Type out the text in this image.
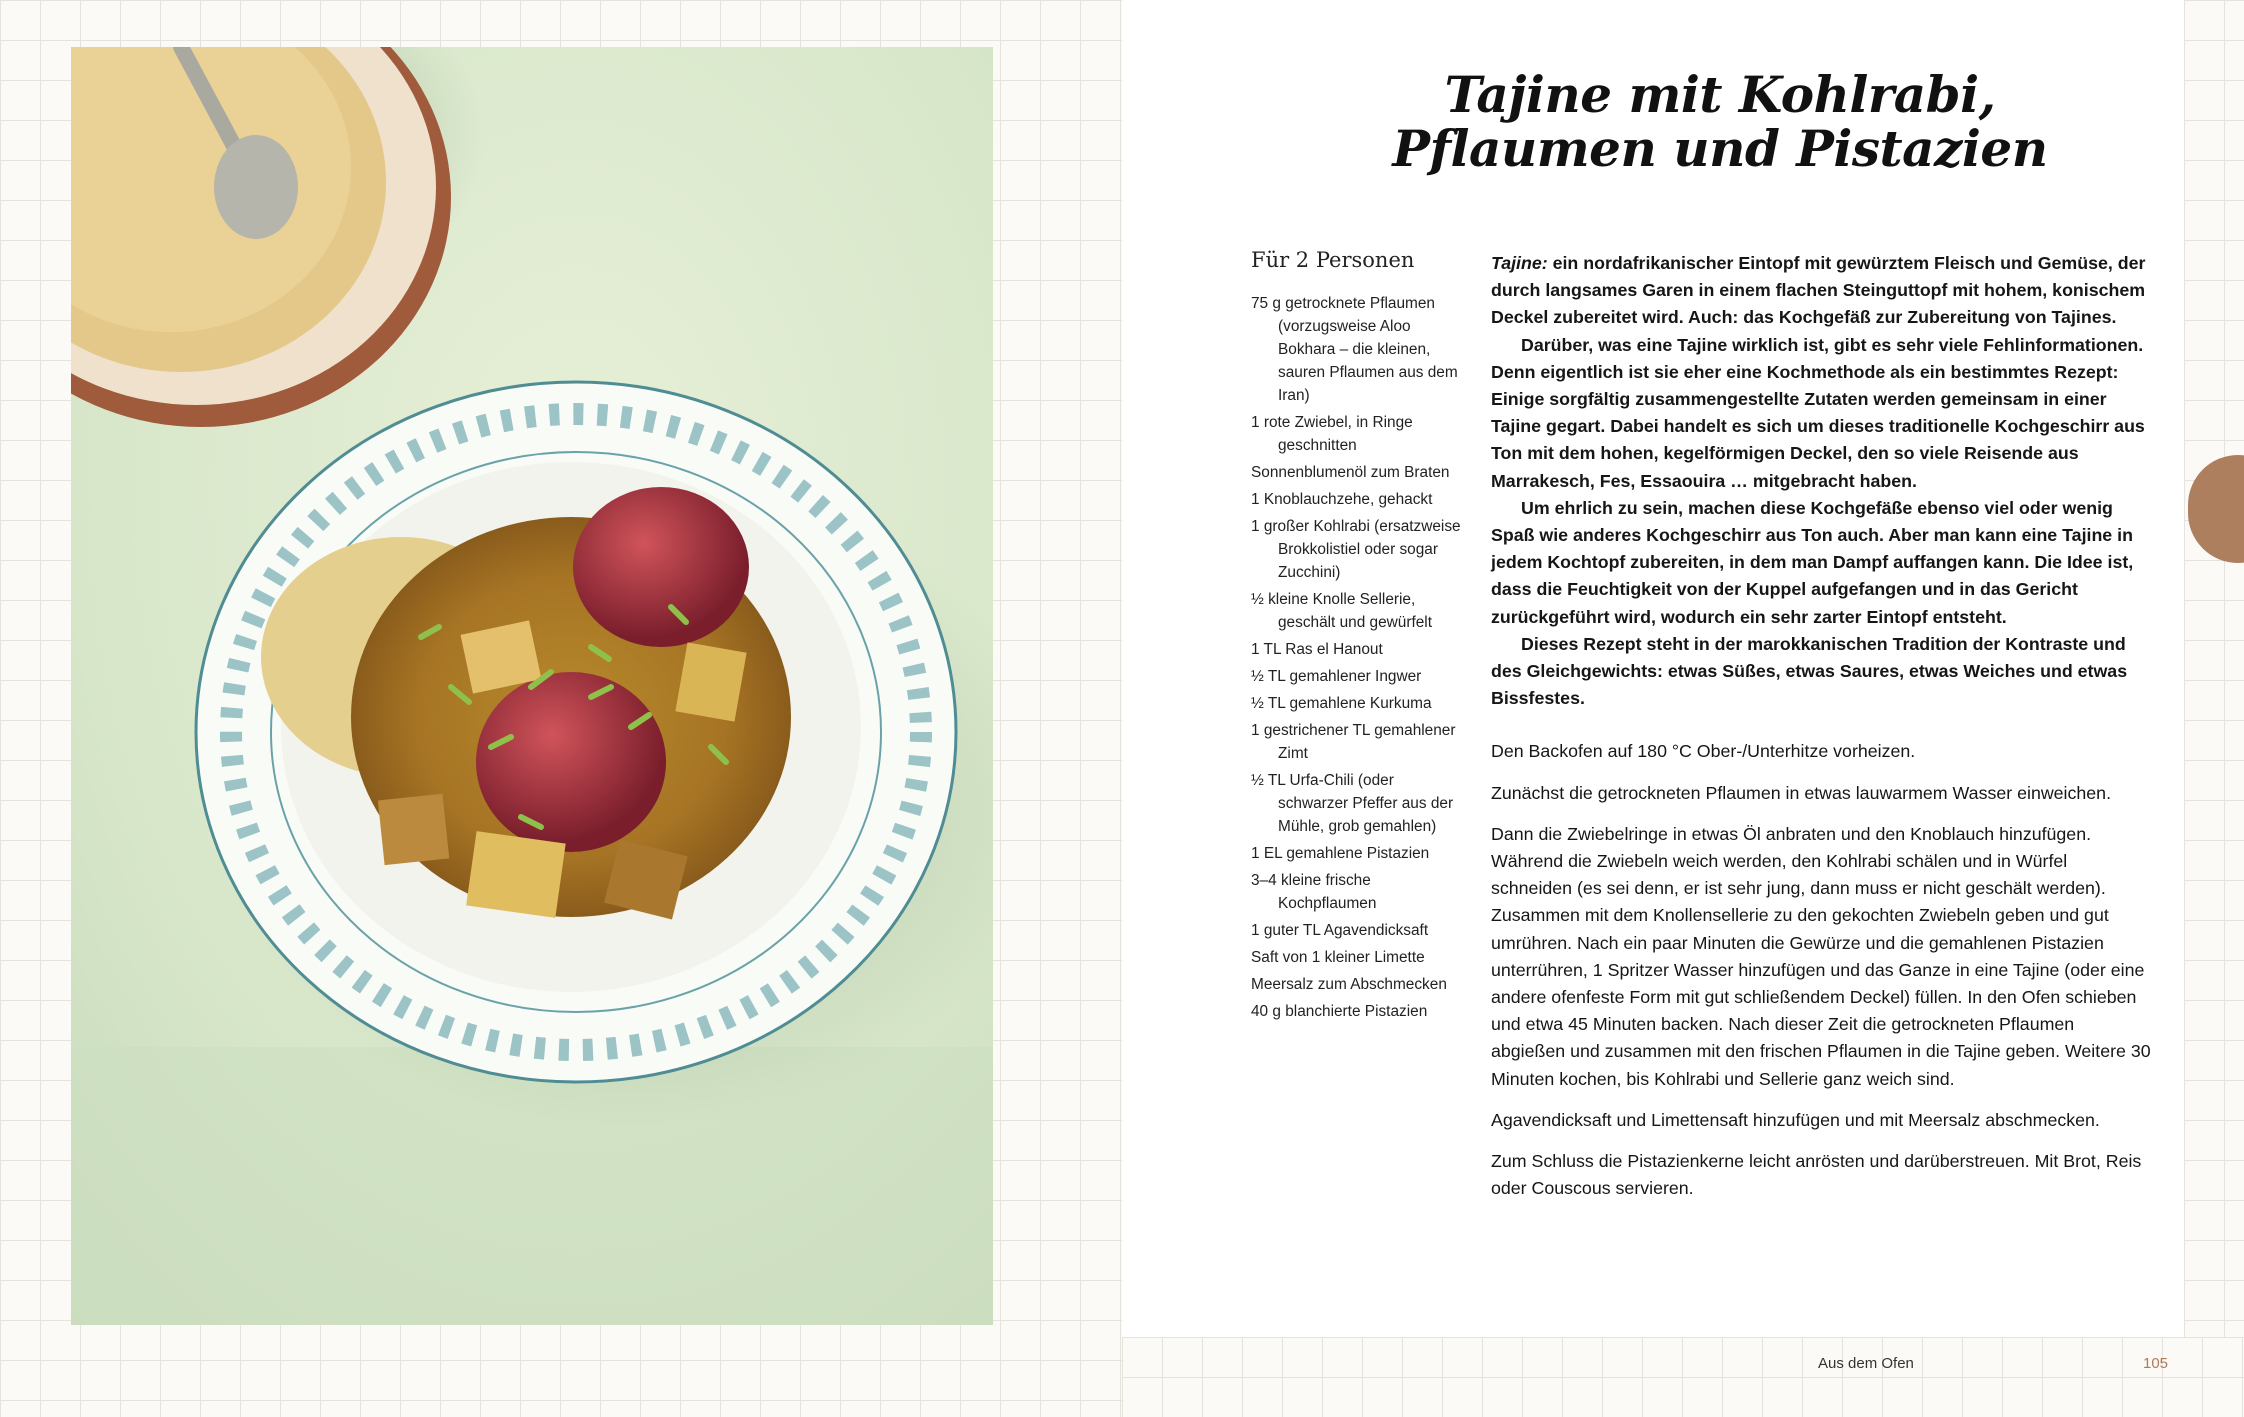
Tajine mit Kohlrabi,
Pflaumen und Pistazien
Für 2 Personen
75 g getrocknete Pflaumen (vorzugsweise Aloo Bokhara – die kleinen, sauren Pflaumen aus dem Iran)
1 rote Zwiebel, in Ringe geschnitten
Sonnenblumenöl zum Braten
1 Knoblauchzehe, gehackt
1 großer Kohlrabi (ersatzweise Brokkolistiel oder sogar Zucchini)
½ kleine Knolle Sellerie, geschält und gewürfelt
1 TL Ras el Hanout
½ TL gemahlener Ingwer
½ TL gemahlene Kurkuma
1 gestrichener TL gemahlener Zimt
½ TL Urfa-Chili (oder schwarzer Pfeffer aus der Mühle, grob gemahlen)
1 EL gemahlene Pistazien
3–4 kleine frische Kochpflaumen
1 guter TL Agavendicksaft
Saft von 1 kleiner Limette
Meersalz zum Abschmecken
40 g blanchierte Pistazien

Tajine: ein nordafrikanischer Eintopf mit gewürztem Fleisch und Gemüse, der durch langsames Garen in einem flachen Steinguttopf mit hohem, konischem Deckel zubereitet wird. Auch: das Kochgefäß zur Zubereitung von Tajines.

Darüber, was eine Tajine wirklich ist, gibt es sehr viele Fehlinformationen. Denn eigentlich ist sie eher eine Kochmethode als ein bestimmtes Rezept: Einige sorgfältig zusammengestellte Zutaten werden gemeinsam in einer Tajine gegart. Dabei handelt es sich um dieses traditionelle Kochgeschirr aus Ton mit dem hohen, kegelförmigen Deckel, den so viele Reisende aus Marrakesch, Fes, Essaouira … mitgebracht haben.

Um ehrlich zu sein, machen diese Kochgefäße ebenso viel oder wenig Spaß wie anderes Kochgeschirr aus Ton auch. Aber man kann eine Tajine in jedem Kochtopf zubereiten, in dem man Dampf auffangen kann. Die Idee ist, dass die Feuchtigkeit von der Kuppel aufgefangen und in das Gericht zurückgeführt wird, wodurch ein sehr zarter Eintopf entsteht.

Dieses Rezept steht in der marokkanischen Tradition der Kontraste und des Gleichgewichts: etwas Süßes, etwas Saures, etwas Weiches und etwas Bissfestes.

Den Backofen auf 180 °C Ober-/Unterhitze vorheizen.

Zunächst die getrockneten Pflaumen in etwas lauwarmem Wasser einweichen.

Dann die Zwiebelringe in etwas Öl anbraten und den Knoblauch hinzufügen. Während die Zwiebeln weich werden, den Kohlrabi schälen und in Würfel schneiden (es sei denn, er ist sehr jung, dann muss er nicht geschält werden). Zusammen mit dem Knollensellerie zu den gekochten Zwiebeln geben und gut umrühren. Nach ein paar Minuten die Gewürze und die gemahlenen Pistazien unterrühren, 1 Spritzer Wasser hinzufügen und das Ganze in eine Tajine (oder eine andere ofenfeste Form mit gut schließendem Deckel) füllen. In den Ofen schieben und etwa 45 Minuten backen. Nach dieser Zeit die getrockneten Pflaumen abgießen und zusammen mit den frischen Pflaumen in die Tajine geben. Weitere 30 Minuten kochen, bis Kohlrabi und Sellerie ganz weich sind.

Agavendicksaft und Limettensaft hinzufügen und mit Meersalz abschmecken.

Zum Schluss die Pistazienkerne leicht anrösten und darüberstreuen. Mit Brot, Reis oder Couscous servieren.

Aus dem Ofen	105
